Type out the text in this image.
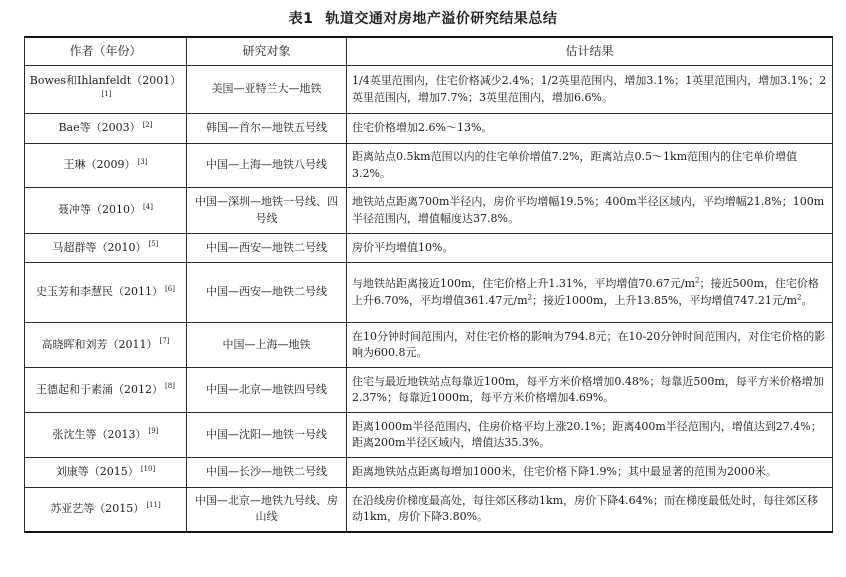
表1 轨道交通对房地产溢价研究结果总结
作者（年份）	研究对象	估计结果
Bowes和Ihlanfeldt（2001）[1]	美国—亚特兰大—地铁	1/4英里范围内，住宅价格减少2.4%；1/2英里范围内，增加3.1%；1英里范围内，增加3.1%；2英里范围内，增加7.7%；3英里范围内，增加6.6%。
Bae等（2003） [2]	韩国—首尔—地铁五号线	住宅价格增加2.6%～13%。
王琳（2009） [3]	中国—上海—地铁八号线	距离站点0.5km范围以内的住宅单价增值7.2%，距离站点0.5～1km范围内的住宅单价增值3.2%。
聂冲等（2010） [4]	中国—深圳—地铁一号线、四号线	地铁站点距离700m半径内，房价平均增幅19.5%；400m半径区域内，平均增幅21.8%；100m半径范围内，增值幅度达37.8%。
马超群等（2010） [5]	中国—西安—地铁二号线	房价平均增值10%。
史玉芳和李慧民（2011） [6]	中国—西安—地铁二号线	与地铁站距离接近100m，住宅价格上升1.31%，平均增值70.67元$/m^2$；接近500m，住宅价格上升6.70%，平均增值361.47元$/m^2$；接近1000m，上升13.85%，平均增值747.21元$/m^2$。
高晓晖和刘芳（2011） [7]	中国—上海—地铁	在10分钟时间范围内，对住宅价格的影响为794.8元；在10-20分钟时间范围内，对住宅价格的影响为600.8元。
王德起和于素涌（2012） [8]	中国—北京—地铁四号线	住宅与最近地铁站点每靠近100m，每平方米价格增加0.48%；每靠近500m，每平方米价格增加2.37%；每靠近1000m，每平方米价格增加4.69%。
张沈生等（2013） [9]	中国—沈阳—地铁一号线	距离1000m半径范围内，住房价格平均上涨20.1%；距离400m半径范围内，增值达到27.4%；距离200m半径区域内，增值达35.3%。
刘康等（2015） [10]	中国—长沙—地铁二号线	距离地铁站点距离每增加1000米，住宅价格下降1.9%；其中最显著的范围为2000米。
苏亚艺等（2015） [11]	中国—北京—地铁九号线、房山线	在沿线房价梯度最高处，每往郊区移动1km，房价下降4.64%；而在梯度最低处时，每往郊区移动1km，房价下降3.80%。
